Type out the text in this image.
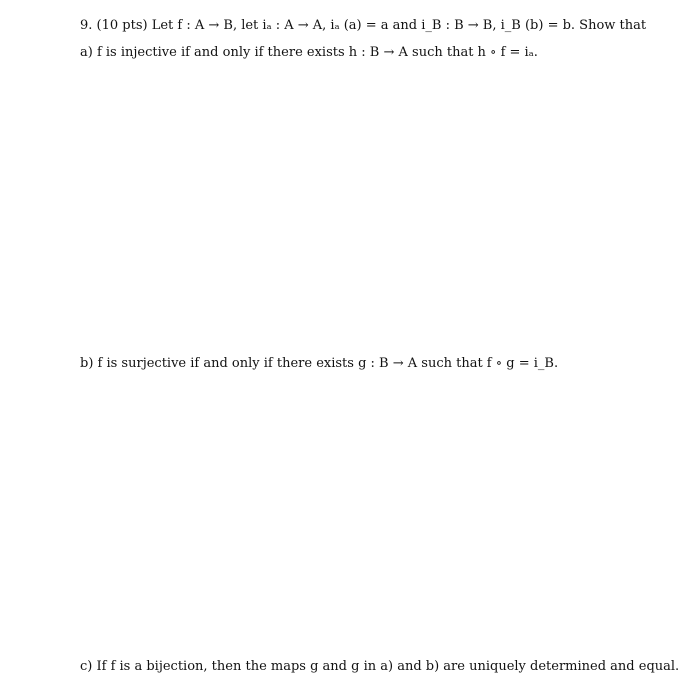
9. (10 pts) Let f : A → B, let iₐ : A → A, iₐ (a) = a and i_B : B → B, i_B (b) = b. Show that
a) f is injective if and only if there exists h : B → A such that h ∘ f = iₐ.
b) f is surjective if and only if there exists g : B → A such that f ∘ g = i_B.
c) If f is a bijection, then the maps g and g in a) and b) are uniquely determined and equal.
